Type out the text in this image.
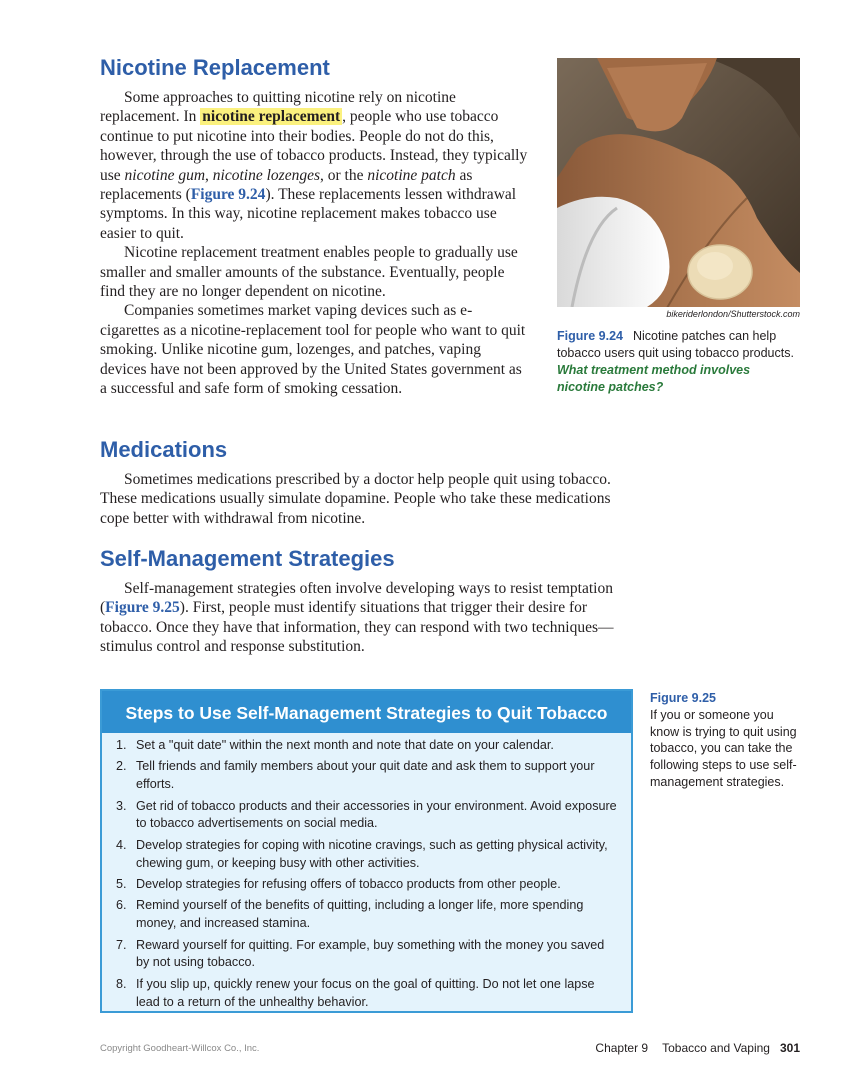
Nicotine Replacement

Some approaches to quitting nicotine rely on nicotine replacement. In nicotine replacement , people who use tobacco continue to put nicotine into their bodies. People do not do this, however, through the use of tobacco products. Instead, they typically use nicotine gum, nicotine lozenges, or the nicotine patch as replacements (Figure 9.24). These replacements lessen withdrawal symptoms. In this way, nicotine replacement makes tobacco use easier to quit.

Nicotine replacement treatment enables people to gradually use smaller and smaller amounts of the substance. Eventually, people find they are no longer dependent on nicotine.

Companies sometimes market vaping devices such as e-cigarettes as a nicotine-replacement tool for people who want to quit smoking. Unlike nicotine gum, lozenges, and patches, vaping devices have not been approved by the United States government as a successful and safe form of smoking cessation.

bikeriderlondon/Shutterstock.com
Figure 9.24 Nicotine patches can help tobacco users quit using tobacco products. What treatment method involves nicotine patches?
Medications

Sometimes medications prescribed by a doctor help people quit using tobacco. These medications usually simulate dopamine. People who take these medications cope better with withdrawal from nicotine.

Self-Management Strategies

Self-management strategies often involve developing ways to resist temptation (Figure 9.25). First, people must identify situations that trigger their desire for tobacco. Once they have that information, they can respond with two techniques—stimulus control and response substitution.

Steps to Use Self-Management Strategies to Quit Tobacco
1. Set a "quit date" within the next month and note that date on your calendar.
2. Tell friends and family members about your quit date and ask them to support your efforts.
3. Get rid of tobacco products and their accessories in your environment. Avoid exposure to tobacco advertisements on social media.
4. Develop strategies for coping with nicotine cravings, such as getting physical activity, chewing gum, or keeping busy with other activities.
5. Develop strategies for refusing offers of tobacco products from other people.
6. Remind yourself of the benefits of quitting, including a longer life, more spending money, and increased stamina.
7. Reward yourself for quitting. For example, buy something with the money you saved by not using tobacco.
8. If you slip up, quickly renew your focus on the goal of quitting. Do not let one lapse lead to a return of the unhealthy behavior.
Figure 9.25
If you or someone you know is trying to quit using tobacco, you can take the following steps to use self-management strategies.
Copyright Goodheart-Willcox Co., Inc.	Chapter 9 Tobacco and Vaping 301
